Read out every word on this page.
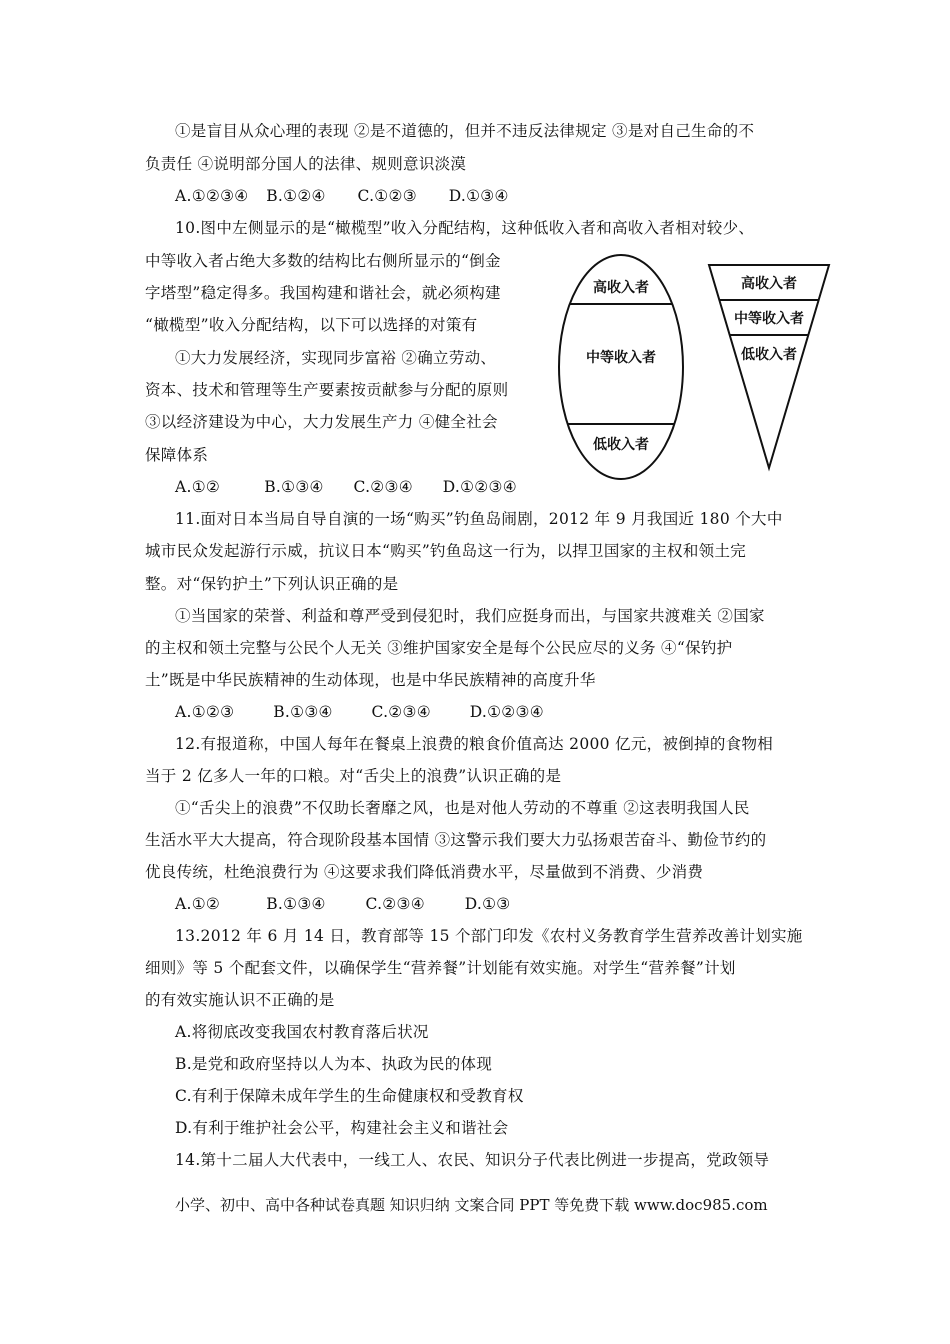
①是盲目从众心理的表现 ②是不道德的，但并不违反法律规定 ③是对自己生命的不
负责任 ④说明部分国人的法律、规则意识淡漠
A.①②③④ B.①②④ C.①②③ D.①③④
10.图中左侧显示的是“橄榄型”收入分配结构，这种低收入者和高收入者相对较少、
中等收入者占绝大多数的结构比右侧所显示的“倒金
字塔型”稳定得多。我国构建和谐社会，就必须构建
“橄榄型”收入分配结构，以下可以选择的对策有
①大力发展经济，实现同步富裕 ②确立劳动、
资本、技术和管理等生产要素按贡献参与分配的原则
③以经济建设为中心，大力发展生产力 ④健全社会
保障体系
A.①②	B.①③④ C.②③④ D.①②③④
高收入者
中等收入者
低收入者
高收入者
中等收入者
低收入者
11.面对日本当局自导自演的一场“购买”钓鱼岛闹剧，2012 年 9 月我国近 180 个大中
城市民众发起游行示威，抗议日本“购买”钓鱼岛这一行为，以捍卫国家的主权和领土完
整。对“保钓护土”下列认识正确的是
①当国家的荣誉、利益和尊严受到侵犯时，我们应挺身而出，与国家共渡难关 ②国家
的主权和领土完整与公民个人无关 ③维护国家安全是每个公民应尽的义务 ④“保钓护
土”既是中华民族精神的生动体现，也是中华民族精神的高度升华
A.①②③	B.①③④ C.②③④	D.①②③④
12.有报道称，中国人每年在餐桌上浪费的粮食价值高达 2000 亿元，被倒掉的食物相
当于 2 亿多人一年的口粮。对“舌尖上的浪费”认识正确的是
①“舌尖上的浪费”不仅助长奢靡之风，也是对他人劳动的不尊重 ②这表明我国人民
生活水平大大提高，符合现阶段基本国情 ③这警示我们要大力弘扬艰苦奋斗、勤俭节约的
优良传统，杜绝浪费行为 ④这要求我们降低消费水平，尽量做到不消费、少消费
A.①②	B.①③④	C.②③④	D.①③
13.2012 年 6 月 14 日，教育部等 15 个部门印发《农村义务教育学生营养改善计划实施
细则》等 5 个配套文件，以确保学生“营养餐”计划能有效实施。对学生“营养餐”计划
的有效实施认识不正确的是
A.将彻底改变我国农村教育落后状况
B.是党和政府坚持以人为本、执政为民的体现
C.有利于保障未成年学生的生命健康权和受教育权
D.有利于维护社会公平，构建社会主义和谐社会
14.第十二届人大代表中，一线工人、农民、知识分子代表比例进一步提高，党政领导
小学、初中、高中各种试卷真题 知识归纳 文案合同 PPT 等免费下载 www.doc985.com
